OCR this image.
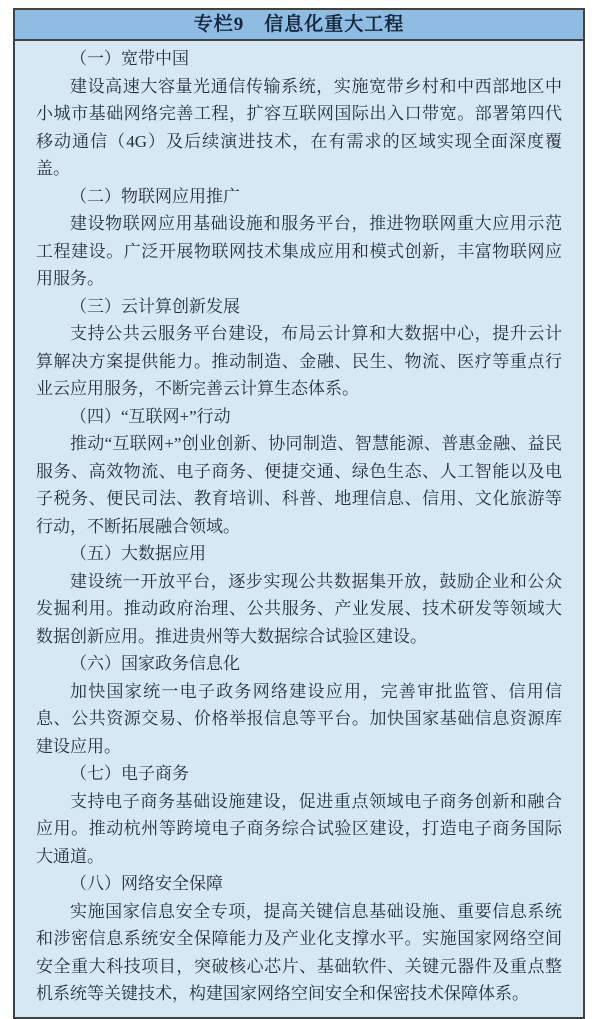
专栏9　信息化重大工程

（一）宽带中国

建设高速大容量光通信传输系统，实施宽带乡村和中西部地区中小城市基础网络完善工程，扩容互联网国际出入口带宽。部署第四代移动通信（4G）及后续演进技术，在有需求的区域实现全面深度覆盖。

（二）物联网应用推广

建设物联网应用基础设施和服务平台，推进物联网重大应用示范工程建设。广泛开展物联网技术集成应用和模式创新，丰富物联网应用服务。

（三）云计算创新发展

支持公共云服务平台建设，布局云计算和大数据中心，提升云计算解决方案提供能力。推动制造、金融、民生、物流、医疗等重点行业云应用服务，不断完善云计算生态体系。

（四）“互联网+”行动

推动“互联网+”创业创新、协同制造、智慧能源、普惠金融、益民服务、高效物流、电子商务、便捷交通、绿色生态、人工智能以及电子税务、便民司法、教育培训、科普、地理信息、信用、文化旅游等行动，不断拓展融合领域。

（五）大数据应用

建设统一开放平台，逐步实现公共数据集开放，鼓励企业和公众发掘利用。推动政府治理、公共服务、产业发展、技术研发等领域大数据创新应用。推进贵州等大数据综合试验区建设。

（六）国家政务信息化

加快国家统一电子政务网络建设应用，完善审批监管、信用信息、公共资源交易、价格举报信息等平台。加快国家基础信息资源库建设应用。

（七）电子商务

支持电子商务基础设施建设，促进重点领域电子商务创新和融合应用。推动杭州等跨境电子商务综合试验区建设，打造电子商务国际大通道。

（八）网络安全保障

实施国家信息安全专项，提高关键信息基础设施、重要信息系统和涉密信息系统安全保障能力及产业化支撑水平。实施国家网络空间安全重大科技项目，突破核心芯片、基础软件、关键元器件及重点整机系统等关键技术，构建国家网络空间安全和保密技术保障体系。
